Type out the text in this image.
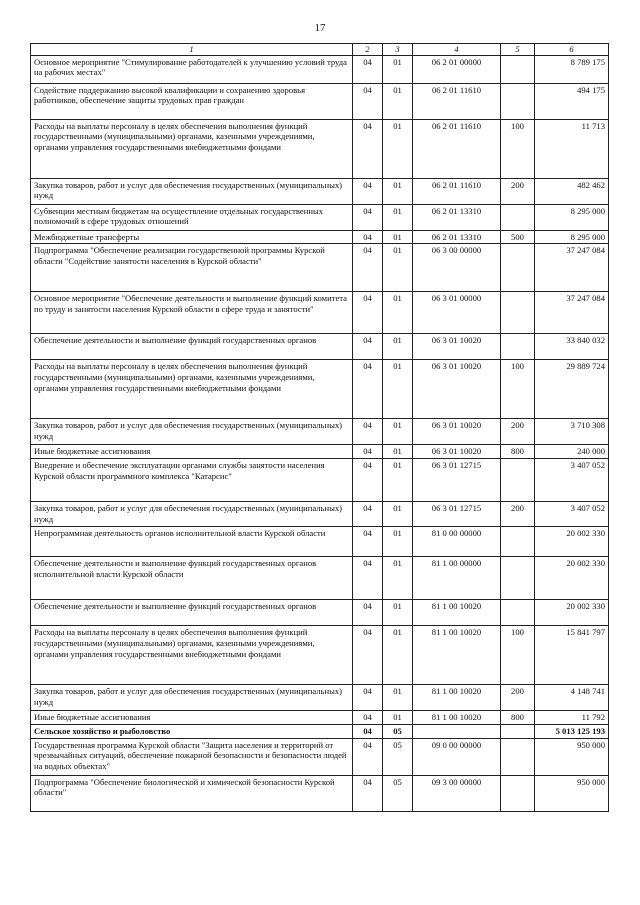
17
1	2	3	4	5	6
Основное мероприятие "Стимулирование работодателей к улучшению условий труда на рабочих местах"	04	01	06 2 01 00000		8 789 175
Содействие поддержанию высокой квалификации и сохранению здоровья работников, обеспечение защиты трудовых прав граждан	04	01	06 2 01 11610		494 175
Расходы на выплаты персоналу в целях обеспечения выполнения функций государственными (муниципальными) органами, казенными учреждениями, органами управления государственными внебюджетными фондами	04	01	06 2 01 11610	100	11 713
Закупка товаров, работ и услуг для обеспечения государственных (муниципальных) нужд	04	01	06 2 01 11610	200	482 462
Субвенции местным бюджетам на осуществление отдельных государственных полномочий в сфере трудовых отношений	04	01	06 2 01 13310		8 295 000
Межбюджетные трансферты	04	01	06 2 01 13310	500	8 295 000
Подпрограмма "Обеспечение реализации государственной программы Курской области "Содействие занятости населения в Курской области"	04	01	06 3 00 00000		37 247 084
Основное мероприятие "Обеспечение деятельности и выполнение функций комитета по труду и занятости населения Курской области в сфере труда и занятости"	04	01	06 3 01 00000		37 247 084
Обеспечение деятельности и выполнение функций государственных органов	04	01	06 3 01 10020		33 840 032
Расходы на выплаты персоналу в целях обеспечения выполнения функций государственными (муниципальными) органами, казенными учреждениями, органами управления государственными внебюджетными фондами	04	01	06 3 01 10020	100	29 889 724
Закупка товаров, работ и услуг для обеспечения государственных (муниципальных) нужд	04	01	06 3 01 10020	200	3 710 308
Иные бюджетные ассигнования	04	01	06 3 01 10020	800	240 000
Внедрение и обеспечение эксплуатации органами службы занятости населения Курской области программного комплекса "Катарсис"	04	01	06 3 01 12715		3 407 052
Закупка товаров, работ и услуг для обеспечения государственных (муниципальных) нужд	04	01	06 3 01 12715	200	3 407 052
Непрограммная деятельность органов исполнительной власти Курской области	04	01	81 0 00 00000		20 002 330
Обеспечение деятельности и выполнение функций государственных органов исполнительной власти Курской области	04	01	81 1 00 00000		20 002 330
Обеспечение деятельности и выполнение функций государственных органов	04	01	81 1 00 10020		20 002 330
Расходы на выплаты персоналу в целях обеспечения выполнения функций государственными (муниципальными) органами, казенными учреждениями, органами управления государственными внебюджетными фондами	04	01	81 1 00 10020	100	15 841 797
Закупка товаров, работ и услуг для обеспечения государственных (муниципальных) нужд	04	01	81 1 00 10020	200	4 148 741
Иные бюджетные ассигнования	04	01	81 1 00 10020	800	11 792
Сельское хозяйство и рыболовство	04	05			5 013 125 193
Государственная программа Курской области "Защита населения и территорий от чрезвычайных ситуаций, обеспечение пожарной безопасности и безопасности людей на водных объектах"	04	05	09 0 00 00000		950 000
Подпрограмма "Обеспечение биологической и химической безопасности Курской области"	04	05	09 3 00 00000		950 000
